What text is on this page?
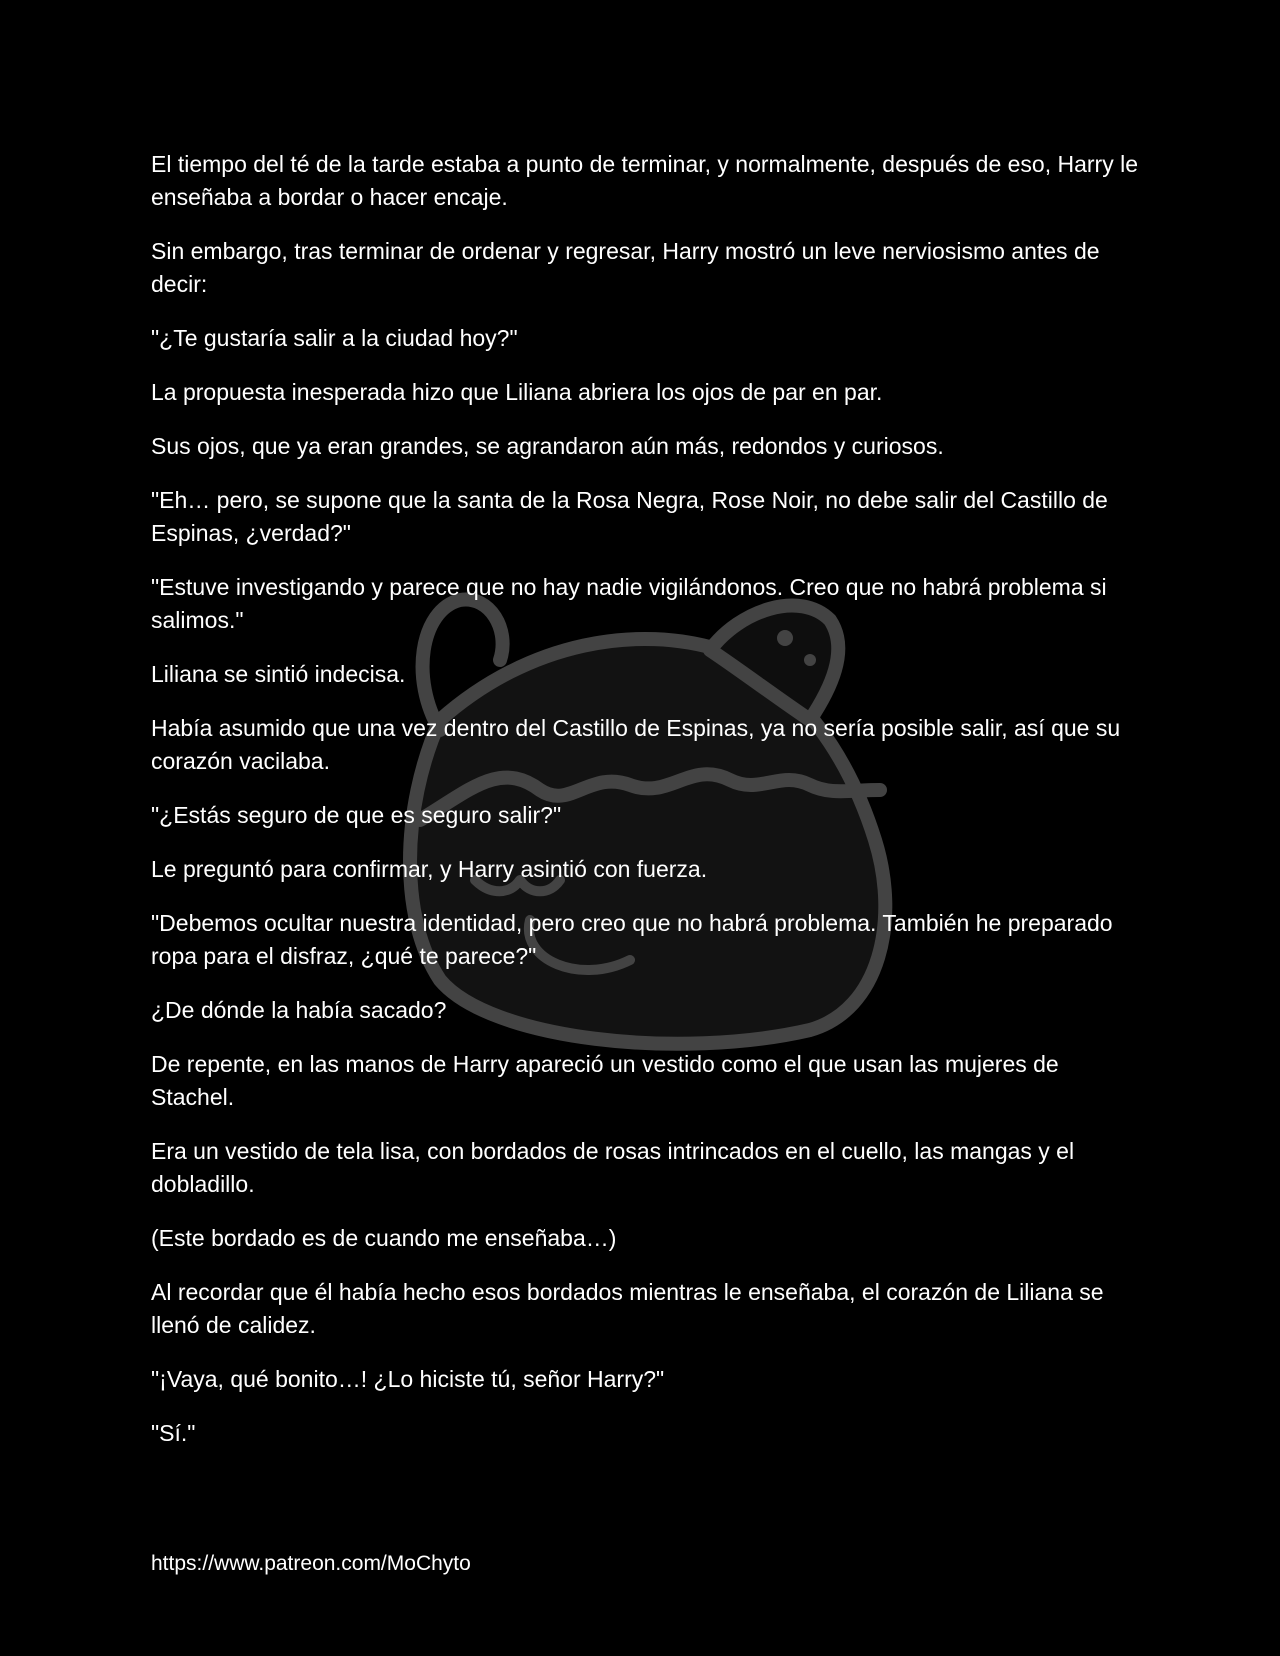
El tiempo del té de la tarde estaba a punto de terminar, y normalmente, después de eso, Harry le enseñaba a bordar o hacer encaje.

Sin embargo, tras terminar de ordenar y regresar, Harry mostró un leve nerviosismo antes de decir:

"¿Te gustaría salir a la ciudad hoy?"

La propuesta inesperada hizo que Liliana abriera los ojos de par en par.

Sus ojos, que ya eran grandes, se agrandaron aún más, redondos y curiosos.

"Eh… pero, se supone que la santa de la Rosa Negra, Rose Noir, no debe salir del Castillo de Espinas, ¿verdad?"

"Estuve investigando y parece que no hay nadie vigilándonos. Creo que no habrá problema si salimos."

Liliana se sintió indecisa.

Había asumido que una vez dentro del Castillo de Espinas, ya no sería posible salir, así que su corazón vacilaba.

"¿Estás seguro de que es seguro salir?"

Le preguntó para confirmar, y Harry asintió con fuerza.

"Debemos ocultar nuestra identidad, pero creo que no habrá problema. También he preparado ropa para el disfraz, ¿qué te parece?"

¿De dónde la había sacado?

De repente, en las manos de Harry apareció un vestido como el que usan las mujeres de Stachel.

Era un vestido de tela lisa, con bordados de rosas intrincados en el cuello, las mangas y el dobladillo.

(Este bordado es de cuando me enseñaba…)

Al recordar que él había hecho esos bordados mientras le enseñaba, el corazón de Liliana se llenó de calidez.

"¡Vaya, qué bonito…! ¿Lo hiciste tú, señor Harry?"

"Sí."

https://www.patreon.com/MoChyto
